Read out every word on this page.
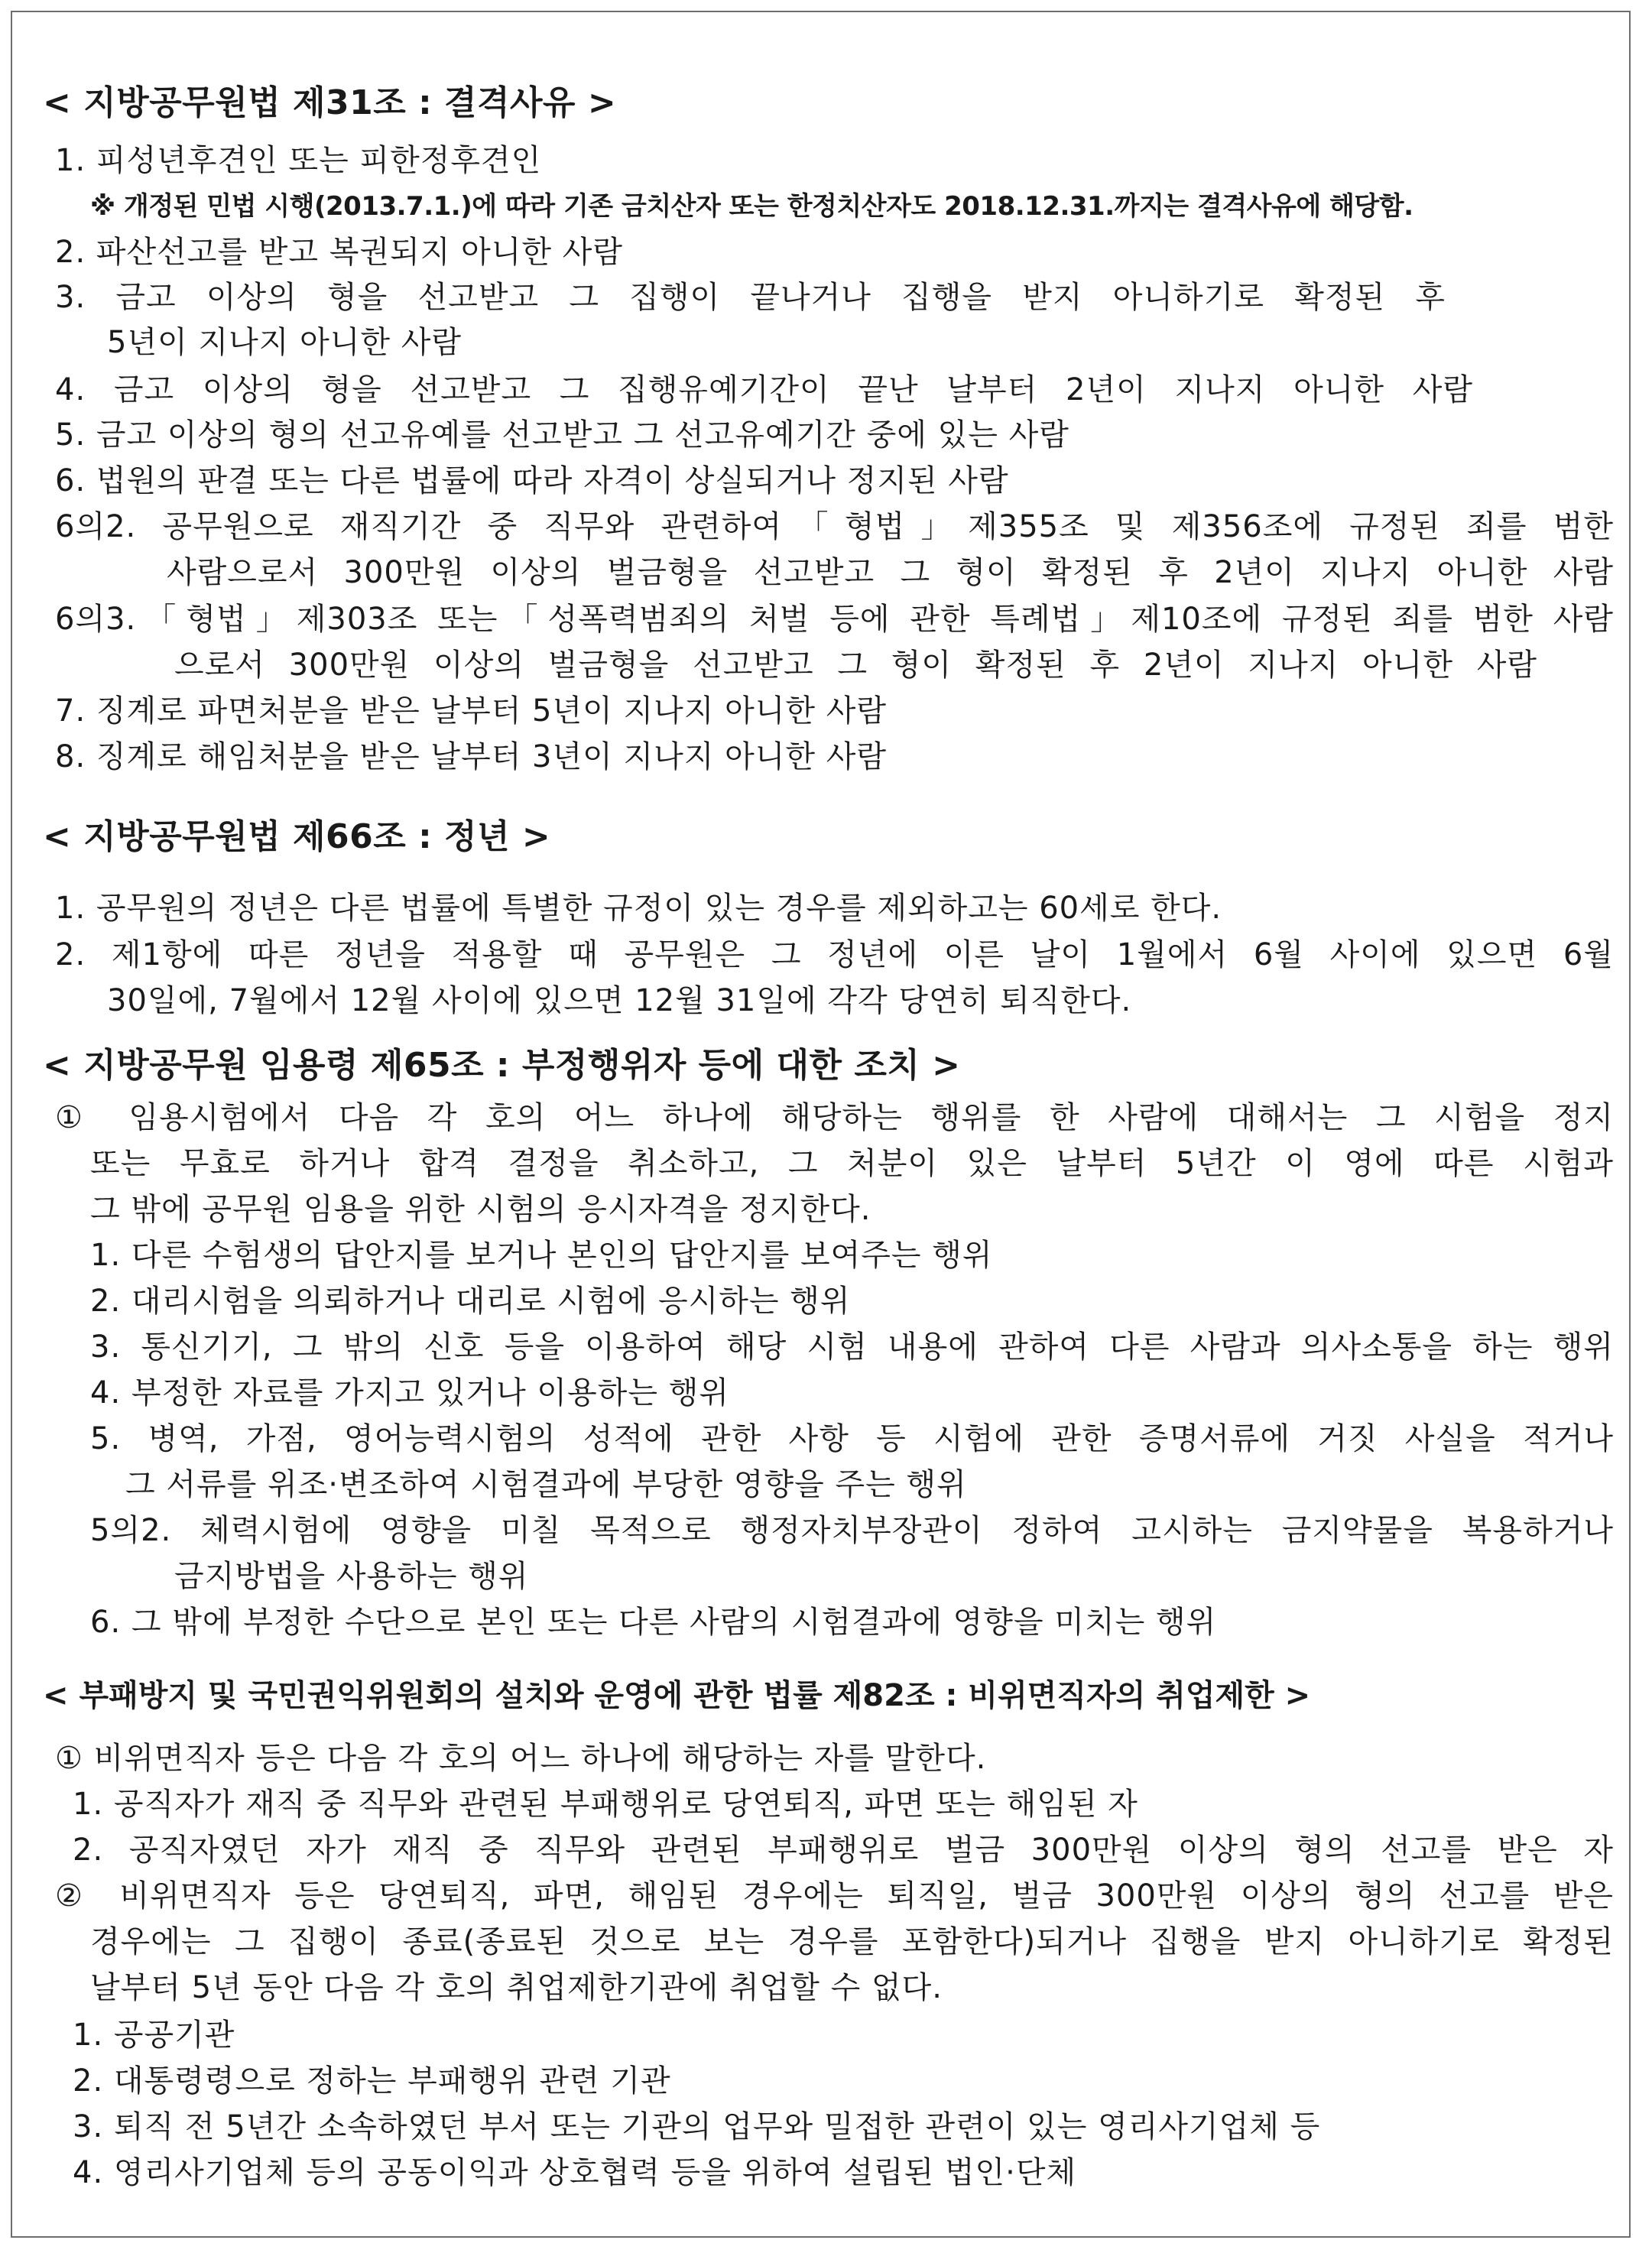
< 지방공무원법 제31조 : 결격사유 >
1. 피성년후견인 또는 피한정후견인
※ 개정된 민법 시행(2013.7.1.)에 따라 기존 금치산자 또는 한정치산자도 2018.12.31.까지는 결격사유에 해당함.
2. 파산선고를 받고 복권되지 아니한 사람
3. 금고 이상의 형을 선고받고 그 집행이 끝나거나 집행을 받지 아니하기로 확정된 후
5년이 지나지 아니한 사람
4. 금고 이상의 형을 선고받고 그 집행유예기간이 끝난 날부터 2년이 지나지 아니한 사람
5. 금고 이상의 형의 선고유예를 선고받고 그 선고유예기간 중에 있는 사람
6. 법원의 판결 또는 다른 법률에 따라 자격이 상실되거나 정지된 사람
6의2. 공무원으로 재직기간 중 직무와 관련하여「형법」제355조 및 제356조에 규정된 죄를 범한
사람으로서 300만원 이상의 벌금형을 선고받고 그 형이 확정된 후 2년이 지나지 아니한 사람
6의3.「형법」제303조 또는「성폭력범죄의 처벌 등에 관한 특례법」제10조에 규정된 죄를 범한 사람
으로서 300만원 이상의 벌금형을 선고받고 그 형이 확정된 후 2년이 지나지 아니한 사람
7. 징계로 파면처분을 받은 날부터 5년이 지나지 아니한 사람
8. 징계로 해임처분을 받은 날부터 3년이 지나지 아니한 사람
< 지방공무원법 제66조 : 정년 >
1. 공무원의 정년은 다른 법률에 특별한 규정이 있는 경우를 제외하고는 60세로 한다.
2. 제1항에 따른 정년을 적용할 때 공무원은 그 정년에 이른 날이 1월에서 6월 사이에 있으면 6월
30일에, 7월에서 12월 사이에 있으면 12월 31일에 각각 당연히 퇴직한다.
< 지방공무원 임용령 제65조 : 부정행위자 등에 대한 조치 >
① 임용시험에서 다음 각 호의 어느 하나에 해당하는 행위를 한 사람에 대해서는 그 시험을 정지
또는 무효로 하거나 합격 결정을 취소하고, 그 처분이 있은 날부터 5년간 이 영에 따른 시험과
그 밖에 공무원 임용을 위한 시험의 응시자격을 정지한다.
1. 다른 수험생의 답안지를 보거나 본인의 답안지를 보여주는 행위
2. 대리시험을 의뢰하거나 대리로 시험에 응시하는 행위
3. 통신기기, 그 밖의 신호 등을 이용하여 해당 시험 내용에 관하여 다른 사람과 의사소통을 하는 행위
4. 부정한 자료를 가지고 있거나 이용하는 행위
5. 병역, 가점, 영어능력시험의 성적에 관한 사항 등 시험에 관한 증명서류에 거짓 사실을 적거나
그 서류를 위조·변조하여 시험결과에 부당한 영향을 주는 행위
5의2. 체력시험에 영향을 미칠 목적으로 행정자치부장관이 정하여 고시하는 금지약물을 복용하거나
금지방법을 사용하는 행위
6. 그 밖에 부정한 수단으로 본인 또는 다른 사람의 시험결과에 영향을 미치는 행위
< 부패방지 및 국민권익위원회의 설치와 운영에 관한 법률 제82조 : 비위면직자의 취업제한 >
① 비위면직자 등은 다음 각 호의 어느 하나에 해당하는 자를 말한다.
1. 공직자가 재직 중 직무와 관련된 부패행위로 당연퇴직, 파면 또는 해임된 자
2. 공직자였던 자가 재직 중 직무와 관련된 부패행위로 벌금 300만원 이상의 형의 선고를 받은 자
② 비위면직자 등은 당연퇴직, 파면, 해임된 경우에는 퇴직일, 벌금 300만원 이상의 형의 선고를 받은
경우에는 그 집행이 종료(종료된 것으로 보는 경우를 포함한다)되거나 집행을 받지 아니하기로 확정된
날부터 5년 동안 다음 각 호의 취업제한기관에 취업할 수 없다.
1. 공공기관
2. 대통령령으로 정하는 부패행위 관련 기관
3. 퇴직 전 5년간 소속하였던 부서 또는 기관의 업무와 밀접한 관련이 있는 영리사기업체 등
4. 영리사기업체 등의 공동이익과 상호협력 등을 위하여 설립된 법인·단체
